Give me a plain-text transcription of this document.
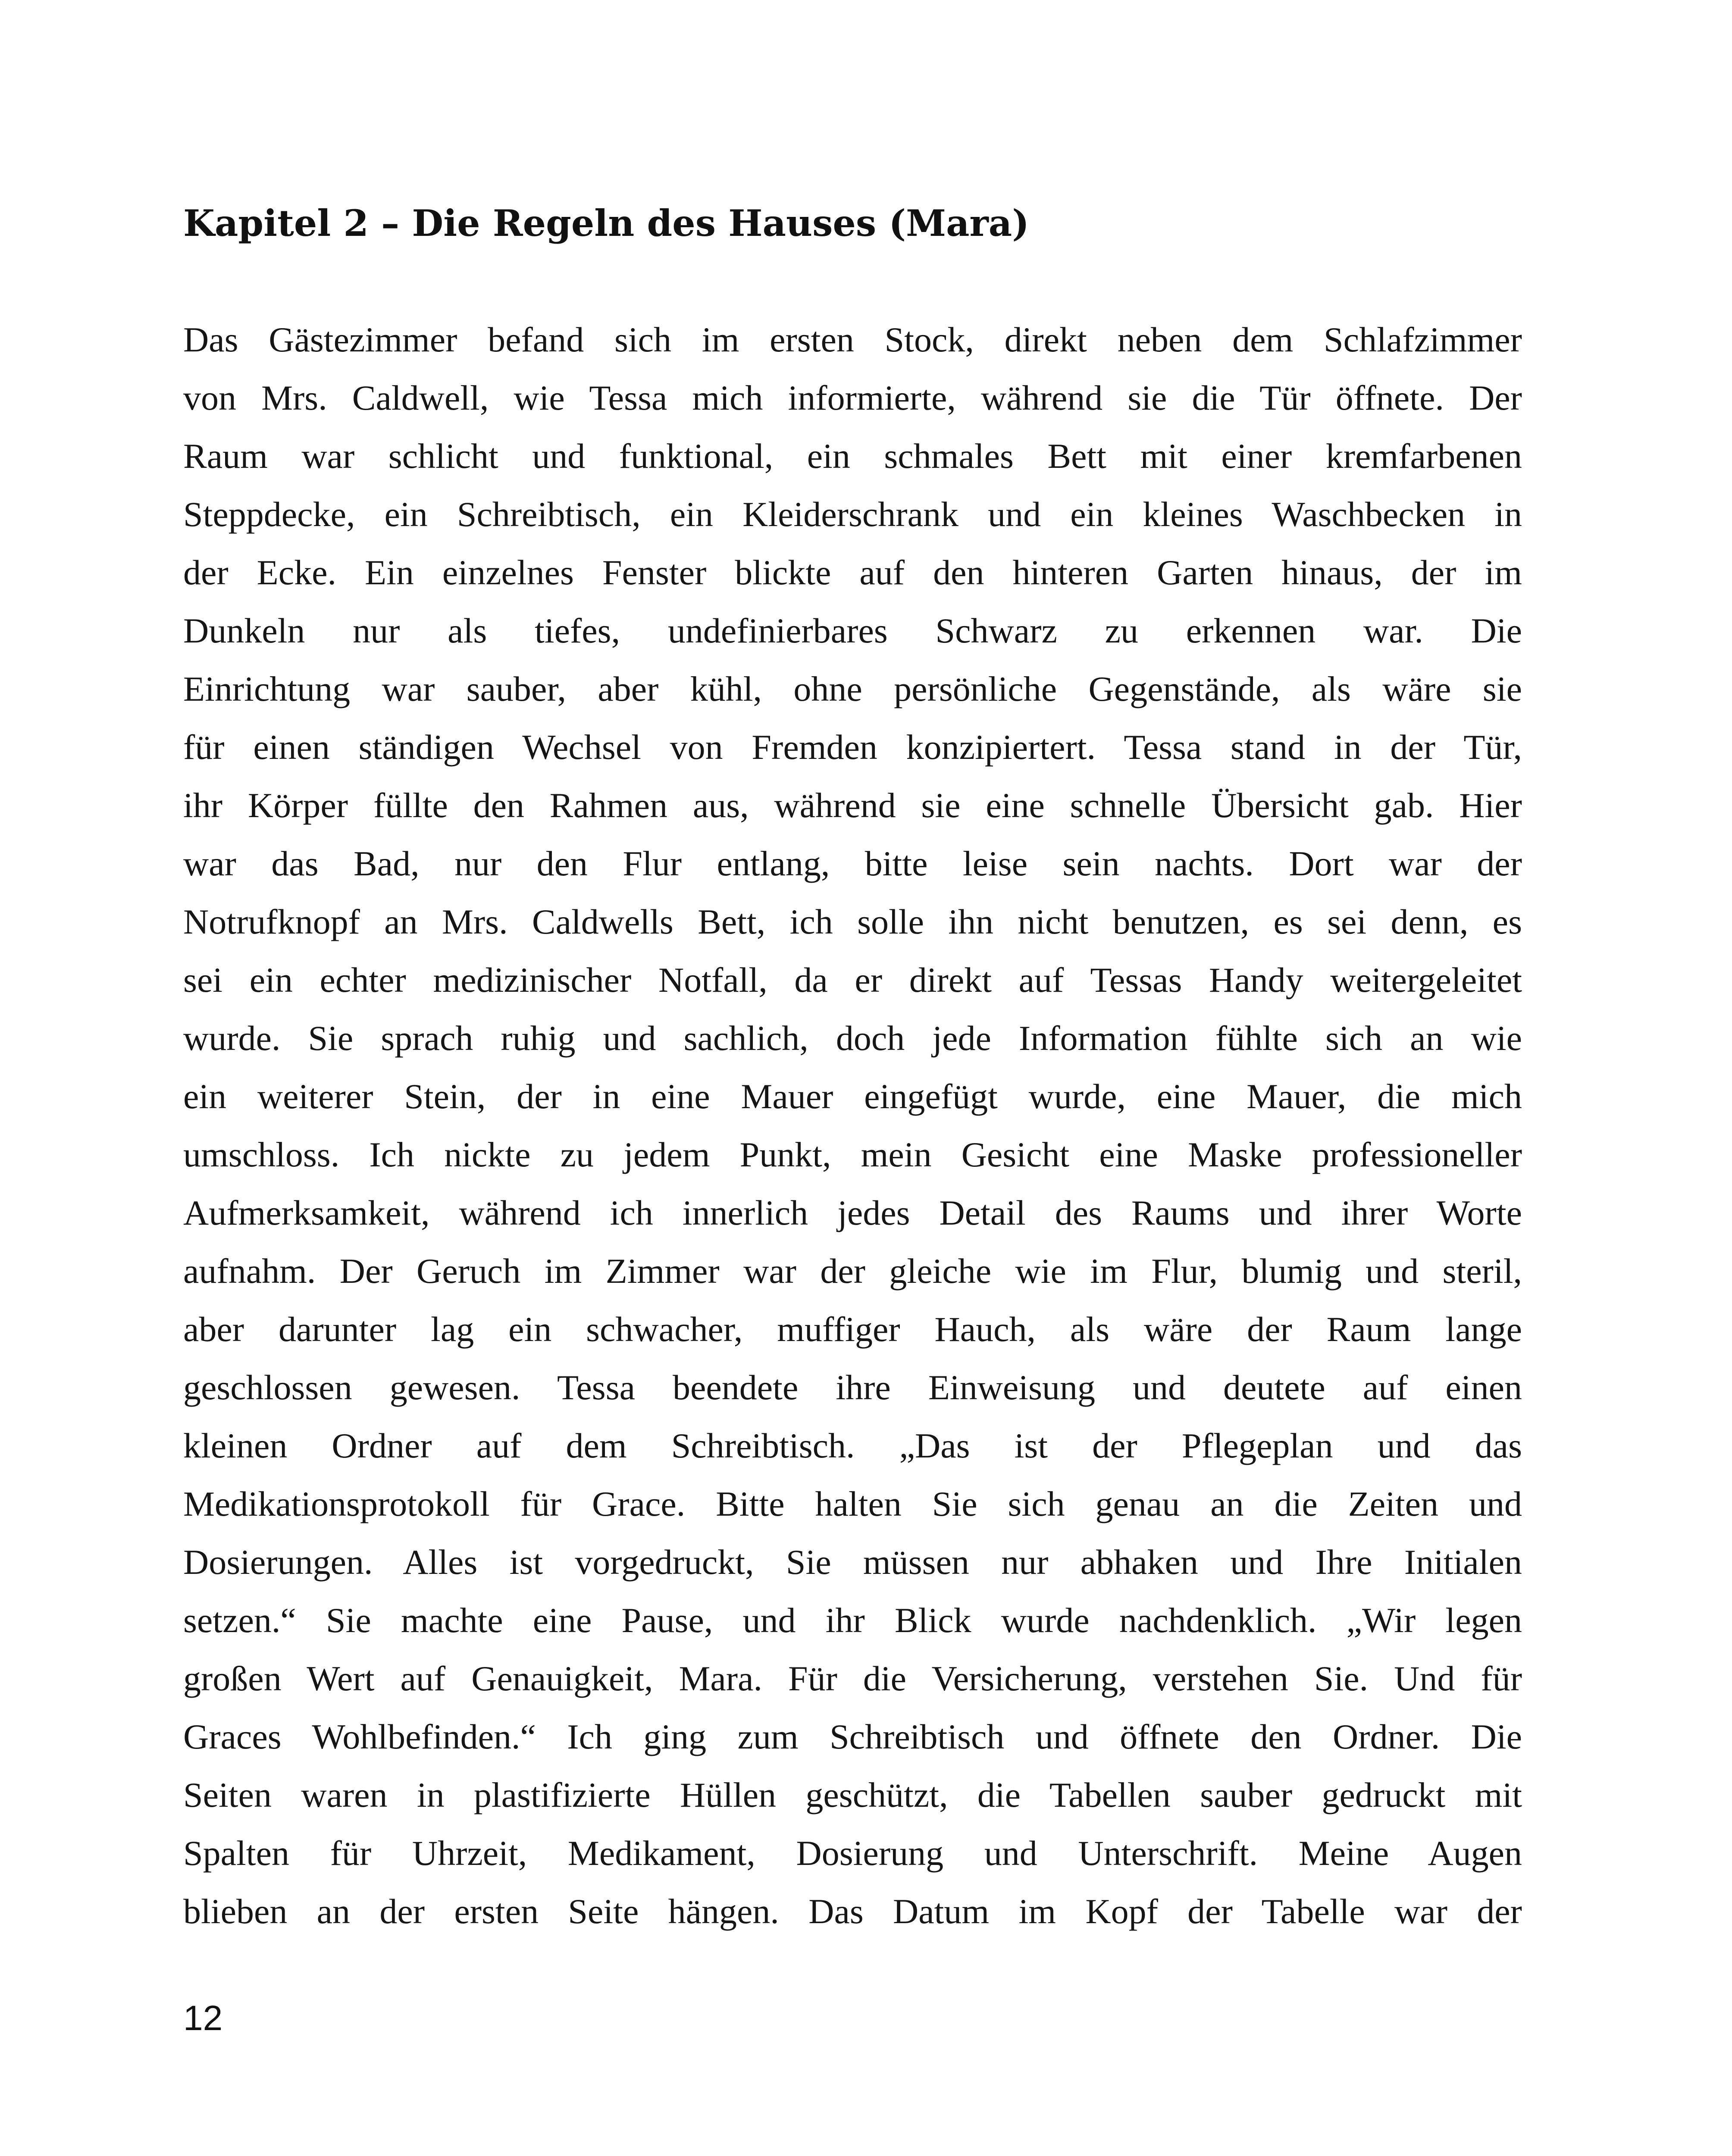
Kapitel 2 – Die Regeln des Hauses (Mara)
Das Gästezimmer befand sich im ersten Stock, direkt neben dem Schlafzimmer
von Mrs. Caldwell, wie Tessa mich informierte, während sie die Tür öffnete. Der
Raum war schlicht und funktional, ein schmales Bett mit einer kremfarbenen
Steppdecke, ein Schreibtisch, ein Kleiderschrank und ein kleines Waschbecken in
der Ecke. Ein einzelnes Fenster blickte auf den hinteren Garten hinaus, der im
Dunkeln nur als tiefes, undefinierbares Schwarz zu erkennen war. Die
Einrichtung war sauber, aber kühl, ohne persönliche Gegenstände, als wäre sie
für einen ständigen Wechsel von Fremden konzipiertert. Tessa stand in der Tür,
ihr Körper füllte den Rahmen aus, während sie eine schnelle Übersicht gab. Hier
war das Bad, nur den Flur entlang, bitte leise sein nachts. Dort war der
Notrufknopf an Mrs. Caldwells Bett, ich solle ihn nicht benutzen, es sei denn, es
sei ein echter medizinischer Notfall, da er direkt auf Tessas Handy weitergeleitet
wurde. Sie sprach ruhig und sachlich, doch jede Information fühlte sich an wie
ein weiterer Stein, der in eine Mauer eingefügt wurde, eine Mauer, die mich
umschloss. Ich nickte zu jedem Punkt, mein Gesicht eine Maske professioneller
Aufmerksamkeit, während ich innerlich jedes Detail des Raums und ihrer Worte
aufnahm. Der Geruch im Zimmer war der gleiche wie im Flur, blumig und steril,
aber darunter lag ein schwacher, muffiger Hauch, als wäre der Raum lange
geschlossen gewesen. Tessa beendete ihre Einweisung und deutete auf einen
kleinen Ordner auf dem Schreibtisch. „Das ist der Pflegeplan und das
Medikationsprotokoll für Grace. Bitte halten Sie sich genau an die Zeiten und
Dosierungen. Alles ist vorgedruckt, Sie müssen nur abhaken und Ihre Initialen
setzen.“ Sie machte eine Pause, und ihr Blick wurde nachdenklich. „Wir legen
großen Wert auf Genauigkeit, Mara. Für die Versicherung, verstehen Sie. Und für
Graces Wohlbefinden.“ Ich ging zum Schreibtisch und öffnete den Ordner. Die
Seiten waren in plastifizierte Hüllen geschützt, die Tabellen sauber gedruckt mit
Spalten für Uhrzeit, Medikament, Dosierung und Unterschrift. Meine Augen
blieben an der ersten Seite hängen. Das Datum im Kopf der Tabelle war der
12
